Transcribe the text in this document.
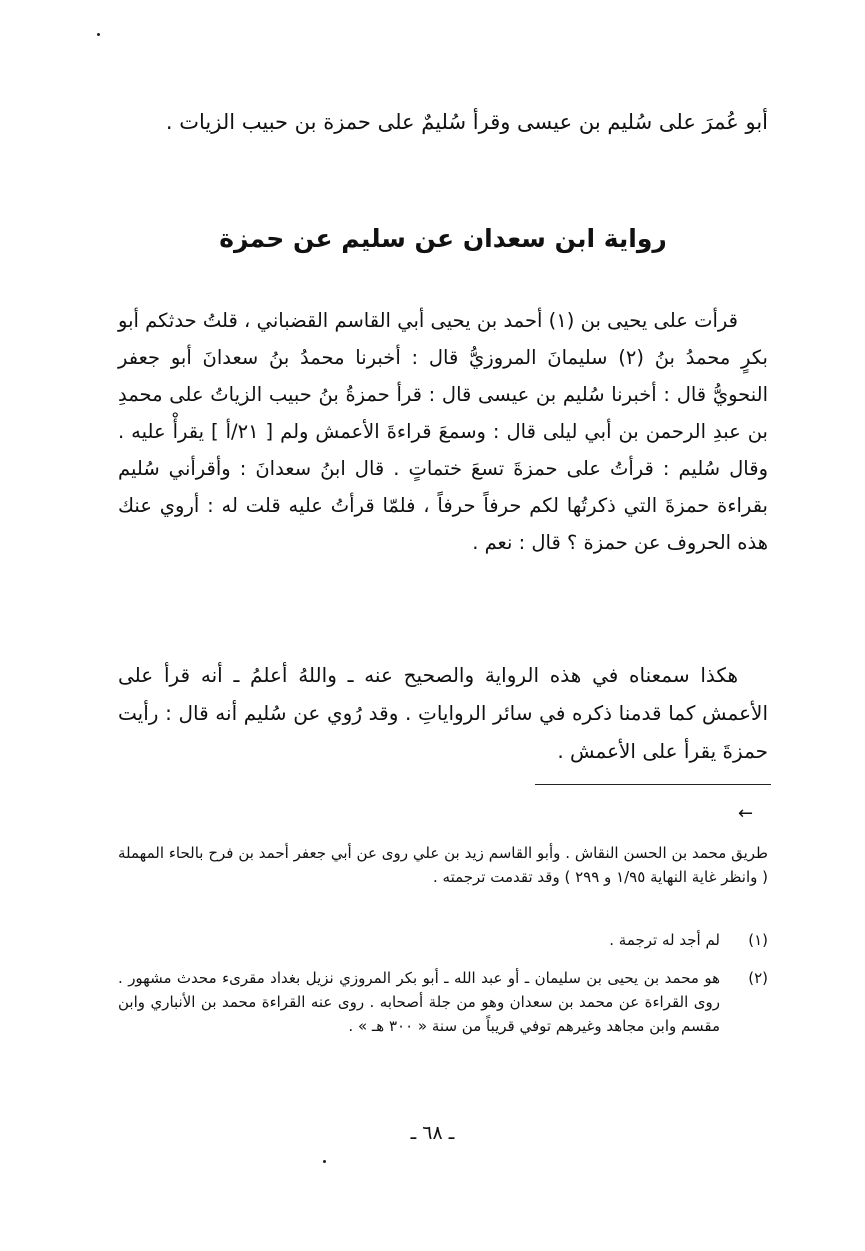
أبو عُمرَ على سُليم بن عيسى وقرأ سُليمٌ على حمزة بن حبيب الزيات .

رواية ابن سعدان عن سليم عن حمزة

قرأت على يحيى بن (١) أحمد بن يحيى أبي القاسم القضباني ، قلتُ حدثكم أبو بكرٍ محمدُ بنُ (٢) سليمانَ المروزيُّ قال : أخبرنا محمدُ بنُ سعدانَ أبو جعفر النحويُّ قال : أخبرنا سُليم بن عيسى قال : قرأ حمزةُ بنُ حبيب الزياتُ على محمدِ بن عبدِ الرحمن بن أبي ليلى قال : وسمعَ قراءةَ الأعمش ولم [ ٢١/أ ] يقرأْ عليه . وقال سُليم : قرأتُ على حمزةَ تسعَ ختماتٍ . قال ابنُ سعدانَ : وأقرأني سُليم بقراءة حمزةَ التي ذكرتُها لكم حرفاً حرفاً ، فلمّا قرأتُ عليه قلت له : أروي عنك هذه الحروف عن حمزة ؟ قال : نعم .

هكذا سمعناه في هذه الرواية والصحيح عنه ـ واللهُ أعلمُ ـ أنه قرأ على الأعمش كما قدمنا ذكره في سائر الرواياتِ . وقد رُوي عن سُليم أنه قال : رأيت حمزةَ يقرأ على الأعمش .

←

طريق محمد بن الحسن النقاش . وأبو القاسم زيد بن علي روى عن أبي جعفر أحمد بن فرح بالحاء المهملة ( وانظر غاية النهاية ١/٩٥ و ٢٩٩ ) وقد تقدمت ترجمته .

(١)
لم أجد له ترجمة .
(٢)
هو محمد بن يحيى بن سليمان ـ أو عبد الله ـ أبو بكر المروزي نزيل بغداد مقرىء محدث مشهور . روى القراءة عن محمد بن سعدان وهو من جلة أصحابه . روى عنه القراءة محمد بن الأنباري وابن مقسم وابن مجاهد وغيرهم توفي قريباً من سنة « ٣٠٠ هـ » .
ـ ٦٨ ـ
